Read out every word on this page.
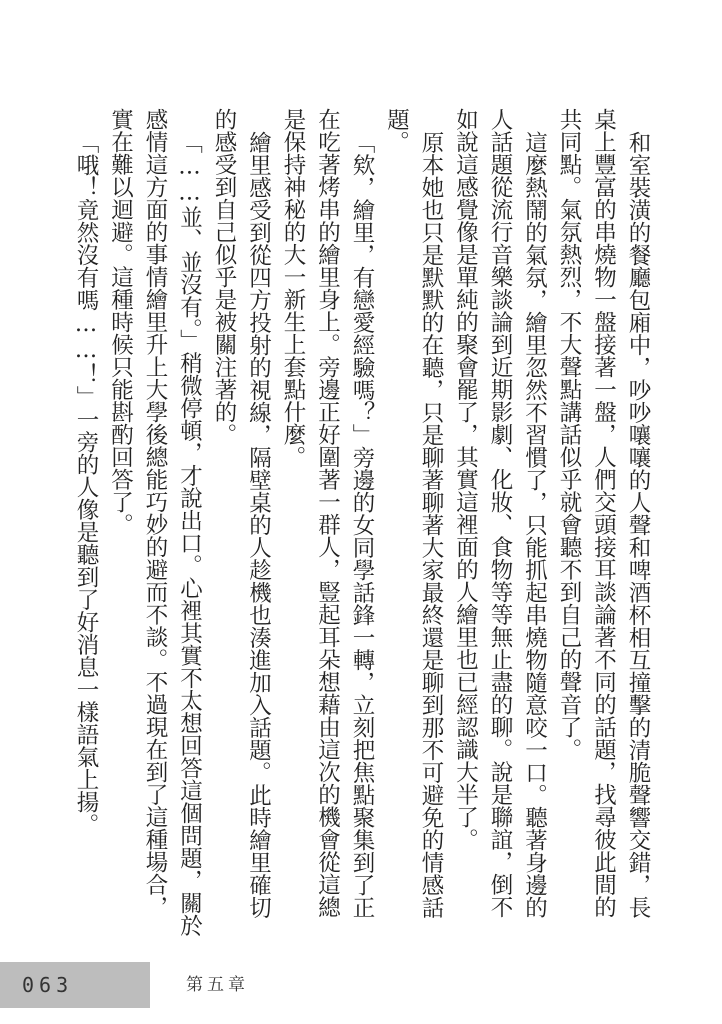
和室裝潢的餐廳包廂中，吵吵嚷嚷的人聲和啤酒杯相互撞擊的清脆聲響交錯，長桌上豐富的串燒物一盤接著一盤，人們交頭接耳談論著不同的話題，找尋彼此間的共同點。氣氛熱烈，不大聲點講話似乎就會聽不到自己的聲音了。

這麼熱鬧的氣氛，繪里忽然不習慣了，只能抓起串燒物隨意咬一口。聽著身邊的人話題從流行音樂談論到近期影劇、化妝、食物等等無止盡的聊。說是聯誼，倒不如說這感覺像是單純的聚會罷了，其實這裡面的人繪里也已經認識大半了。

原本她也只是默默的在聽，只是聊著聊著大家最終還是聊到那不可避免的情感話題。

「欸，繪里，有戀愛經驗嗎？」旁邊的女同學話鋒一轉，立刻把焦點聚集到了正在吃著烤串的繪里身上。旁邊正好圍著一群人，豎起耳朵想藉由這次的機會從這總是保持神秘的大一新生上套點什麼。

繪里感受到從四方投射的視線，隔壁桌的人趁機也湊進加入話題。此時繪里確切的感受到自己似乎是被關注著的。

「……並、並沒有。」稍微停頓，才說出口。心裡其實不太想回答這個問題，關於感情這方面的事情繪里升上大學後總能巧妙的避而不談。不過現在到了這種場合，實在難以迴避。這種時候只能斟酌回答了。

「哦！竟然沒有嗎……！」一旁的人像是聽到了好消息一樣語氣上揚。

063	第五章
